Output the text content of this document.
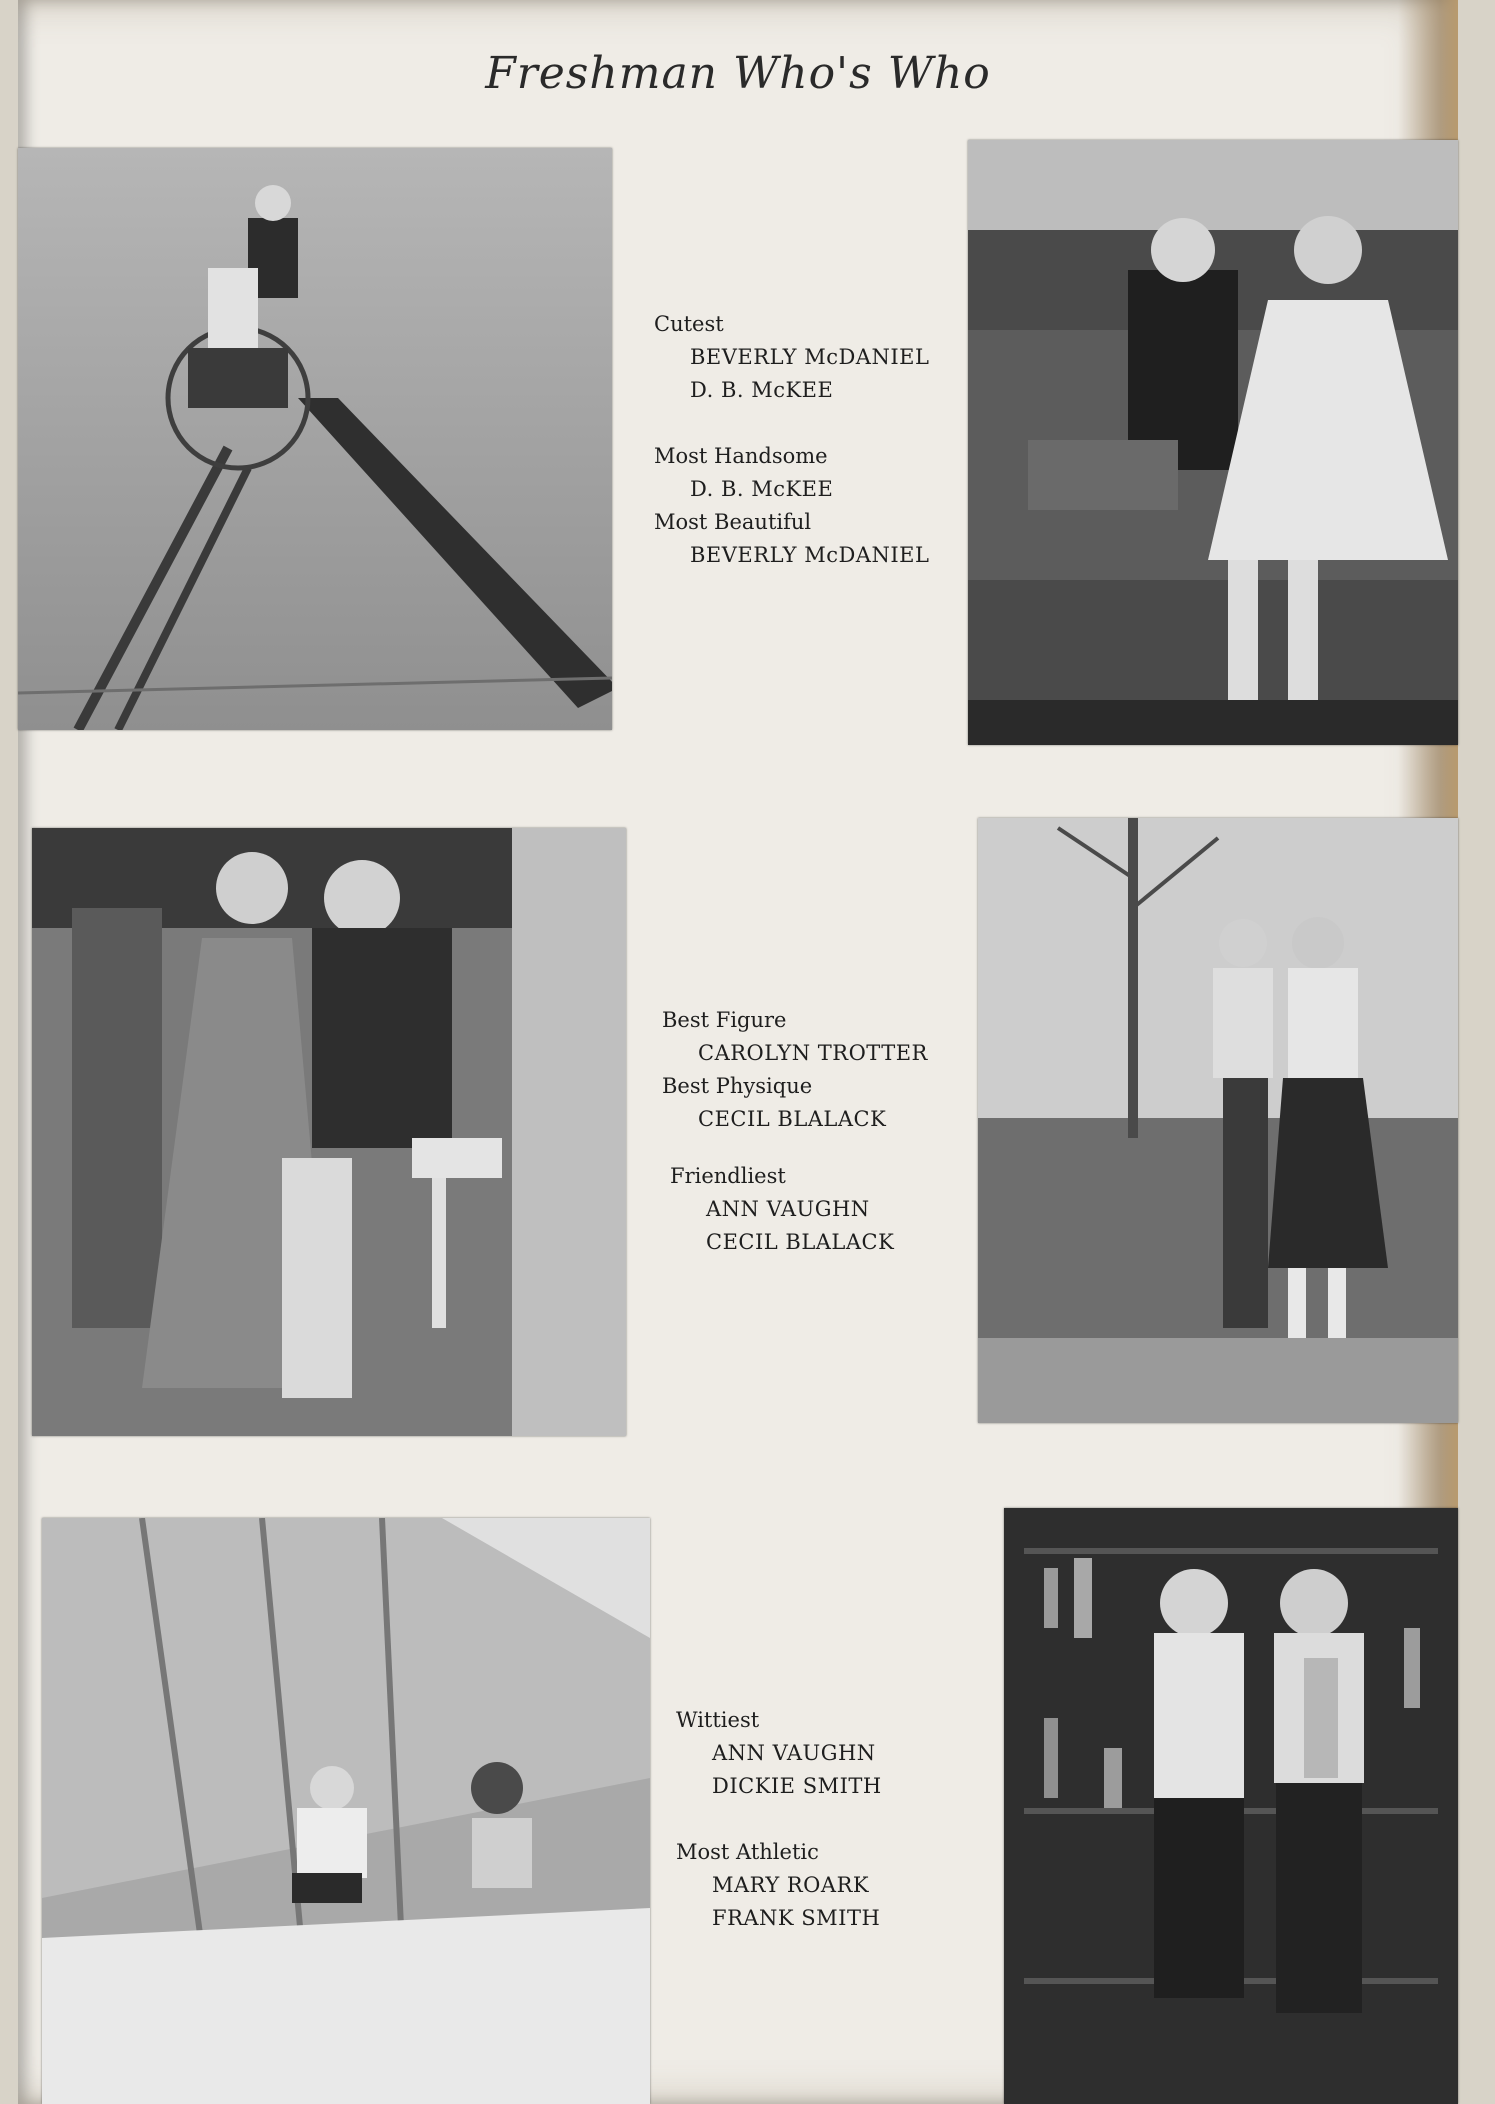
Freshman Who's Who
Cutest
BEVERLY McDANIEL
D. B. McKEE
Most Handsome
D. B. McKEE
Most Beautiful
BEVERLY McDANIEL
Best Figure
CAROLYN TROTTER
Best Physique
CECIL BLALACK
Friendliest
ANN VAUGHN
CECIL BLALACK
Wittiest
ANN VAUGHN
DICKIE SMITH
Most Athletic
MARY ROARK
FRANK SMITH
